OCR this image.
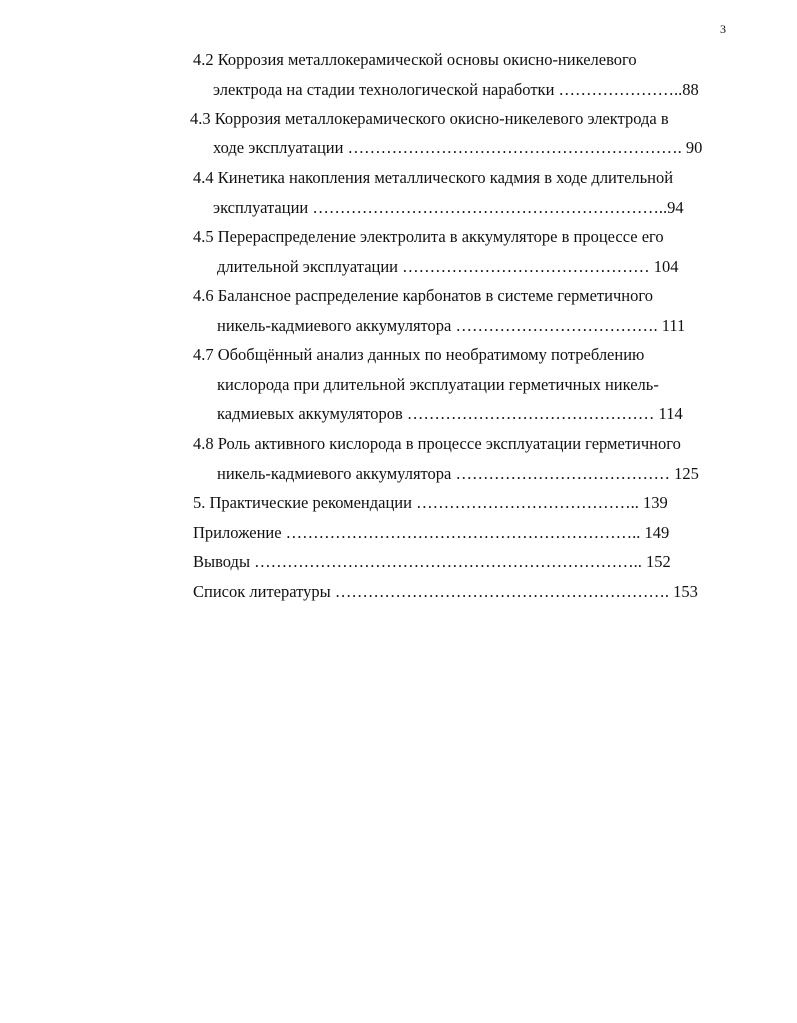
3
4.2 Коррозия металлокерамической основы окисно-никелевого
электрода на стадии технологической наработки …………………..88
4.3 Коррозия металлокерамического окисно-никелевого электрода в
ходе эксплуатации ……………………………………………………. 90
4.4 Кинетика накопления металлического кадмия в ходе длительной
эксплуатации ………………………………………………………..94
4.5 Перераспределение электролита в аккумуляторе в процессе его
длительной эксплуатации ……………………………………… 104
4.6 Балансное распределение карбонатов в системе герметичного
никель-кадмиевого аккумулятора ………………………………. 111
4.7 Обобщённый анализ данных по необратимому потреблению
кислорода при длительной эксплуатации герметичных никель-
кадмиевых аккумуляторов ……………………………………… 114
4.8 Роль активного кислорода в процессе эксплуатации герметичного
никель-кадмиевого аккумулятора ………………………………… 125
5. Практические рекомендации ………………………………….. 139
Приложение ……………………………………………………….. 149
Выводы …………………………………………………………….. 152
Список литературы ……………………………………………………. 153
